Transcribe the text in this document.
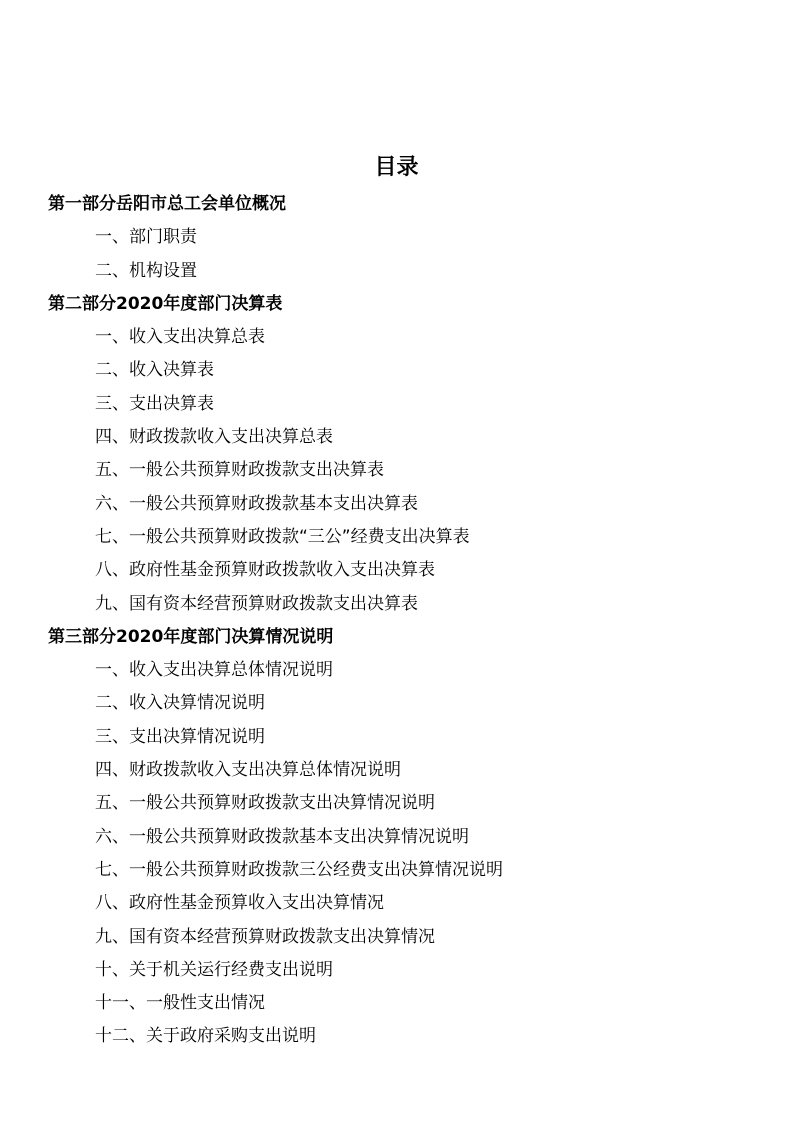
目录
第一部分岳阳市总工会单位概况
一、部门职责
二、机构设置
第二部分2020年度部门决算表
一、收入支出决算总表
二、收入决算表
三、支出决算表
四、财政拨款收入支出决算总表
五、一般公共预算财政拨款支出决算表
六、一般公共预算财政拨款基本支出决算表
七、一般公共预算财政拨款“三公”经费支出决算表
八、政府性基金预算财政拨款收入支出决算表
九、国有资本经营预算财政拨款支出决算表
第三部分2020年度部门决算情况说明
一、收入支出决算总体情况说明
二、收入决算情况说明
三、支出决算情况说明
四、财政拨款收入支出决算总体情况说明
五、一般公共预算财政拨款支出决算情况说明
六、一般公共预算财政拨款基本支出决算情况说明
七、一般公共预算财政拨款三公经费支出决算情况说明
八、政府性基金预算收入支出决算情况
九、国有资本经营预算财政拨款支出决算情况
十、关于机关运行经费支出说明
十一、一般性支出情况
十二、关于政府采购支出说明
